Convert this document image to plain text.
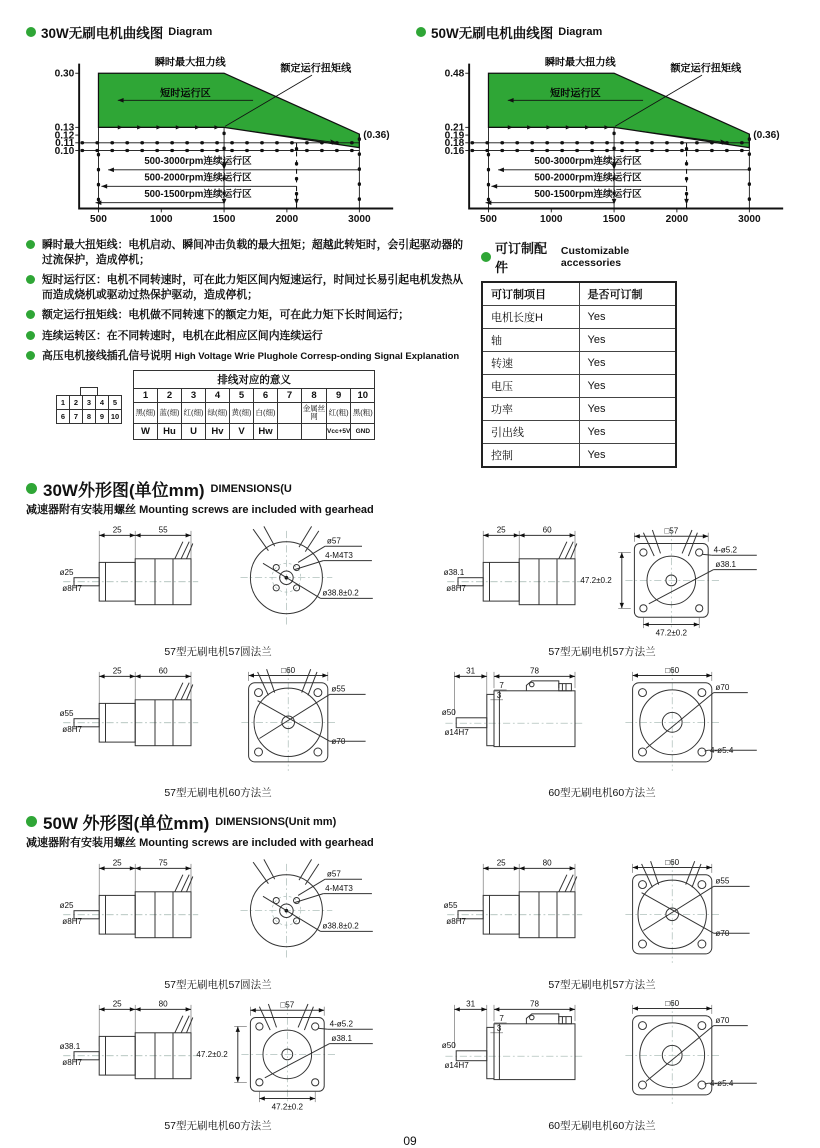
30W无刷电机曲线图 Diagram
0.30
0.13
0.12
0.11
0.10
500	1000	1500	2000	3000
瞬时最大扭力线
额定运行扭矩线
短时运行区
(0.36)
500-3000rpm连续运行区
500-2000rpm连续运行区
500-1500rpm连续运行区
50W无刷电机曲线图 Diagram
0.48
0.21
0.19
0.18
0.16
500	1000	1500	2000	3000
瞬时最大扭力线
额定运行扭矩线
短时运行区
(0.36)
500-3000rpm连续运行区
500-2000rpm连续运行区
500-1500rpm连续运行区
瞬时最大扭矩线：电机启动、瞬间冲击负载的最大扭矩；超越此转矩时，会引起驱动器的过流保护，造成停机；
短时运行区：电机不同转速时，可在此力矩区间内短速运行，时间过长易引起电机发热从而造成烧机或驱动过热保护驱动，造成停机；
额定运行扭矩线：电机做不同转速下的额定力矩，可在此力矩下长时间运行；
连续运转区：在不同转速时，电机在此相应区间内连续运行
高压电机接线插孔信号说明 High Voltage Wrie Plughole Corresp-onding Signal Explanation
1	2	3	4	5
6	7	8	9 10
排线对应的意义									
1	2	3	4	5	6	7	8	9	10
黑(细)	蓝(细)	红(细)	绿(细)	黄(细)	白(细)		金属丝网	红(粗)	黑(粗)
W	Hu	U	Hv	V	Hw			Vcc+5V	GND
可订制配件
Customizable accessories
可订制项目	是否可订制
电机长度H	Yes
轴	Yes
转速	Yes
电压	Yes
功率	Yes
引出线	Yes
控制	Yes
30W外形图(单位mm) DIMENSIONS(U
减速器附有安装用螺丝 Mounting screws are included with gearhead
25	55
ø25
ø8H7
ø57
4-M4T3
ø38.8±0.2
57型无刷电机57圆法兰
25	60
ø38.1
ø8H7
□57
4-ø5.2
ø38.1
47.2±0.2
47.2±0.2
57型无刷电机57方法兰
25	60
ø55
ø8H7
□60
ø55
ø70
57型无刷电机60方法兰
31	78
7
3
ø50
ø14H7
□60
ø70
4-ø5.4
60型无刷电机60方法兰
50W 外形图(单位mm) DIMENSIONS(Unit mm)
减速器附有安装用螺丝 Mounting screws are included with gearhead
25	75
ø25
ø8H7
ø57
4-M4T3
ø38.8±0.2
57型无刷电机57圆法兰
25	80
ø55
ø8H7
□60
ø55
ø70
57型无刷电机57方法兰
25	80
ø38.1
ø8H7
□57
4-ø5.2
ø38.1
47.2±0.2
47.2±0.2
57型无刷电机60方法兰
31	78
7
3
ø50
ø14H7
□60
ø70
4-ø5.4
60型无刷电机60方法兰
09
